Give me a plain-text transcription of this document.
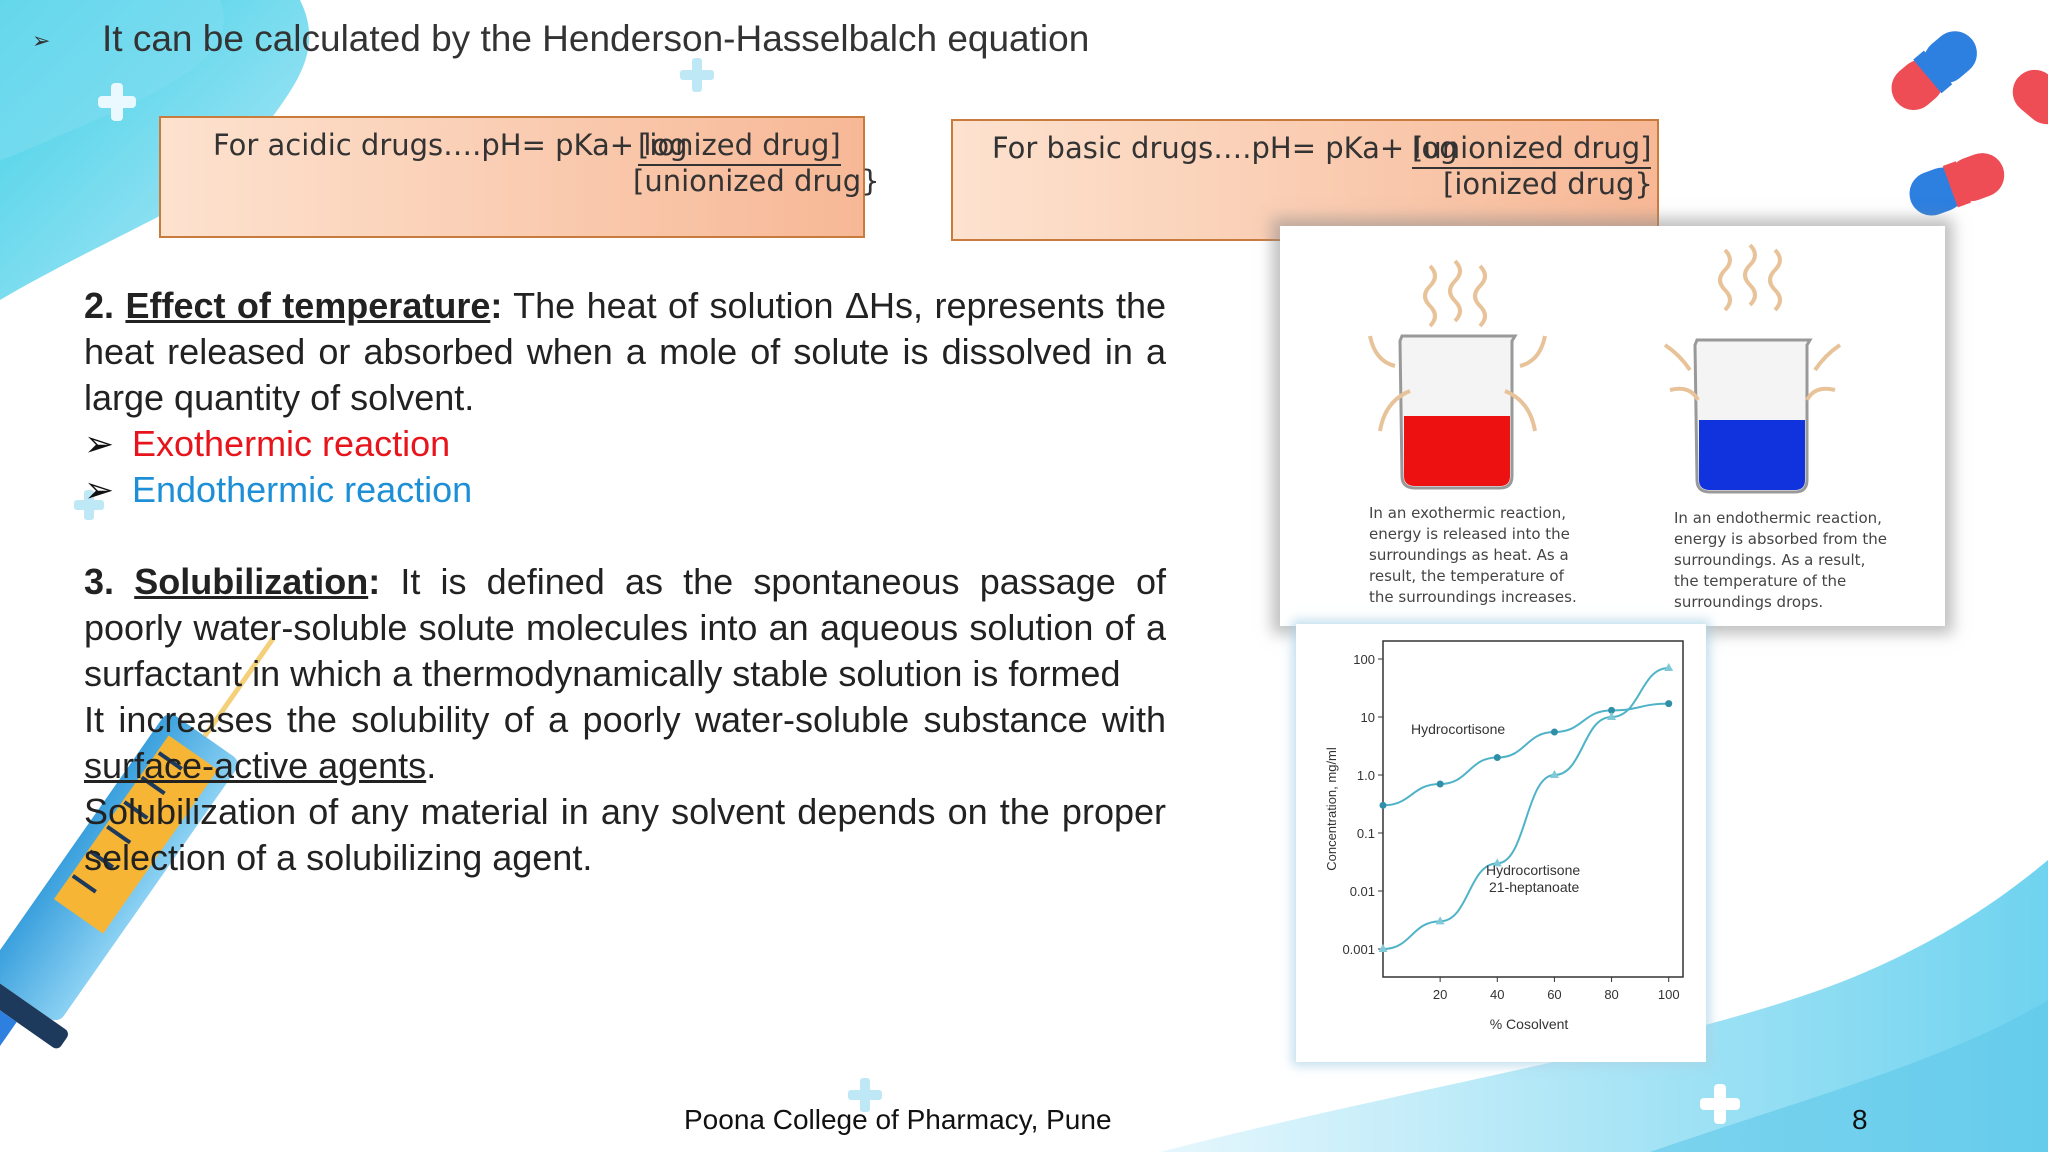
➢ It can be calculated by the Henderson-Hasselbalch equation
For acidic drugs….pH= pKa+ log
[ionized drug]
[unionized drug}
For basic drugs….pH= pKa+ log
[unionized drug]
[ionized drug}

2. Effect of temperature: The heat of solution ΔHs, represents the heat released or absorbed when a mole of solute is dissolved in a large quantity of solvent.

➢ Exothermic reaction
➢ Endothermic reaction

3. Solubilization: It is defined as the spontaneous passage of poorly water-soluble solute molecules into an aqueous solution of a surfactant in which a thermodynamically stable solution is formed

It increases the solubility of a poorly water-soluble substance with surface-active agents.

Solubilization of any material in any solvent depends on the proper selection of a solubilizing agent.

In an exothermic reaction, energy is released into the surroundings as heat. As a result, the temperature of the surroundings increases.
In an endothermic reaction, energy is absorbed from the surroundings. As a result, the temperature of the surroundings drops.
100
10
1.0
0.1
0.01
0.001
20	40	60	80	100
% Cosolvent
Concentration, mg/ml
Hydrocortisone
Hydrocortisone
21-heptanoate
Poona College of Pharmacy, Pune	8
